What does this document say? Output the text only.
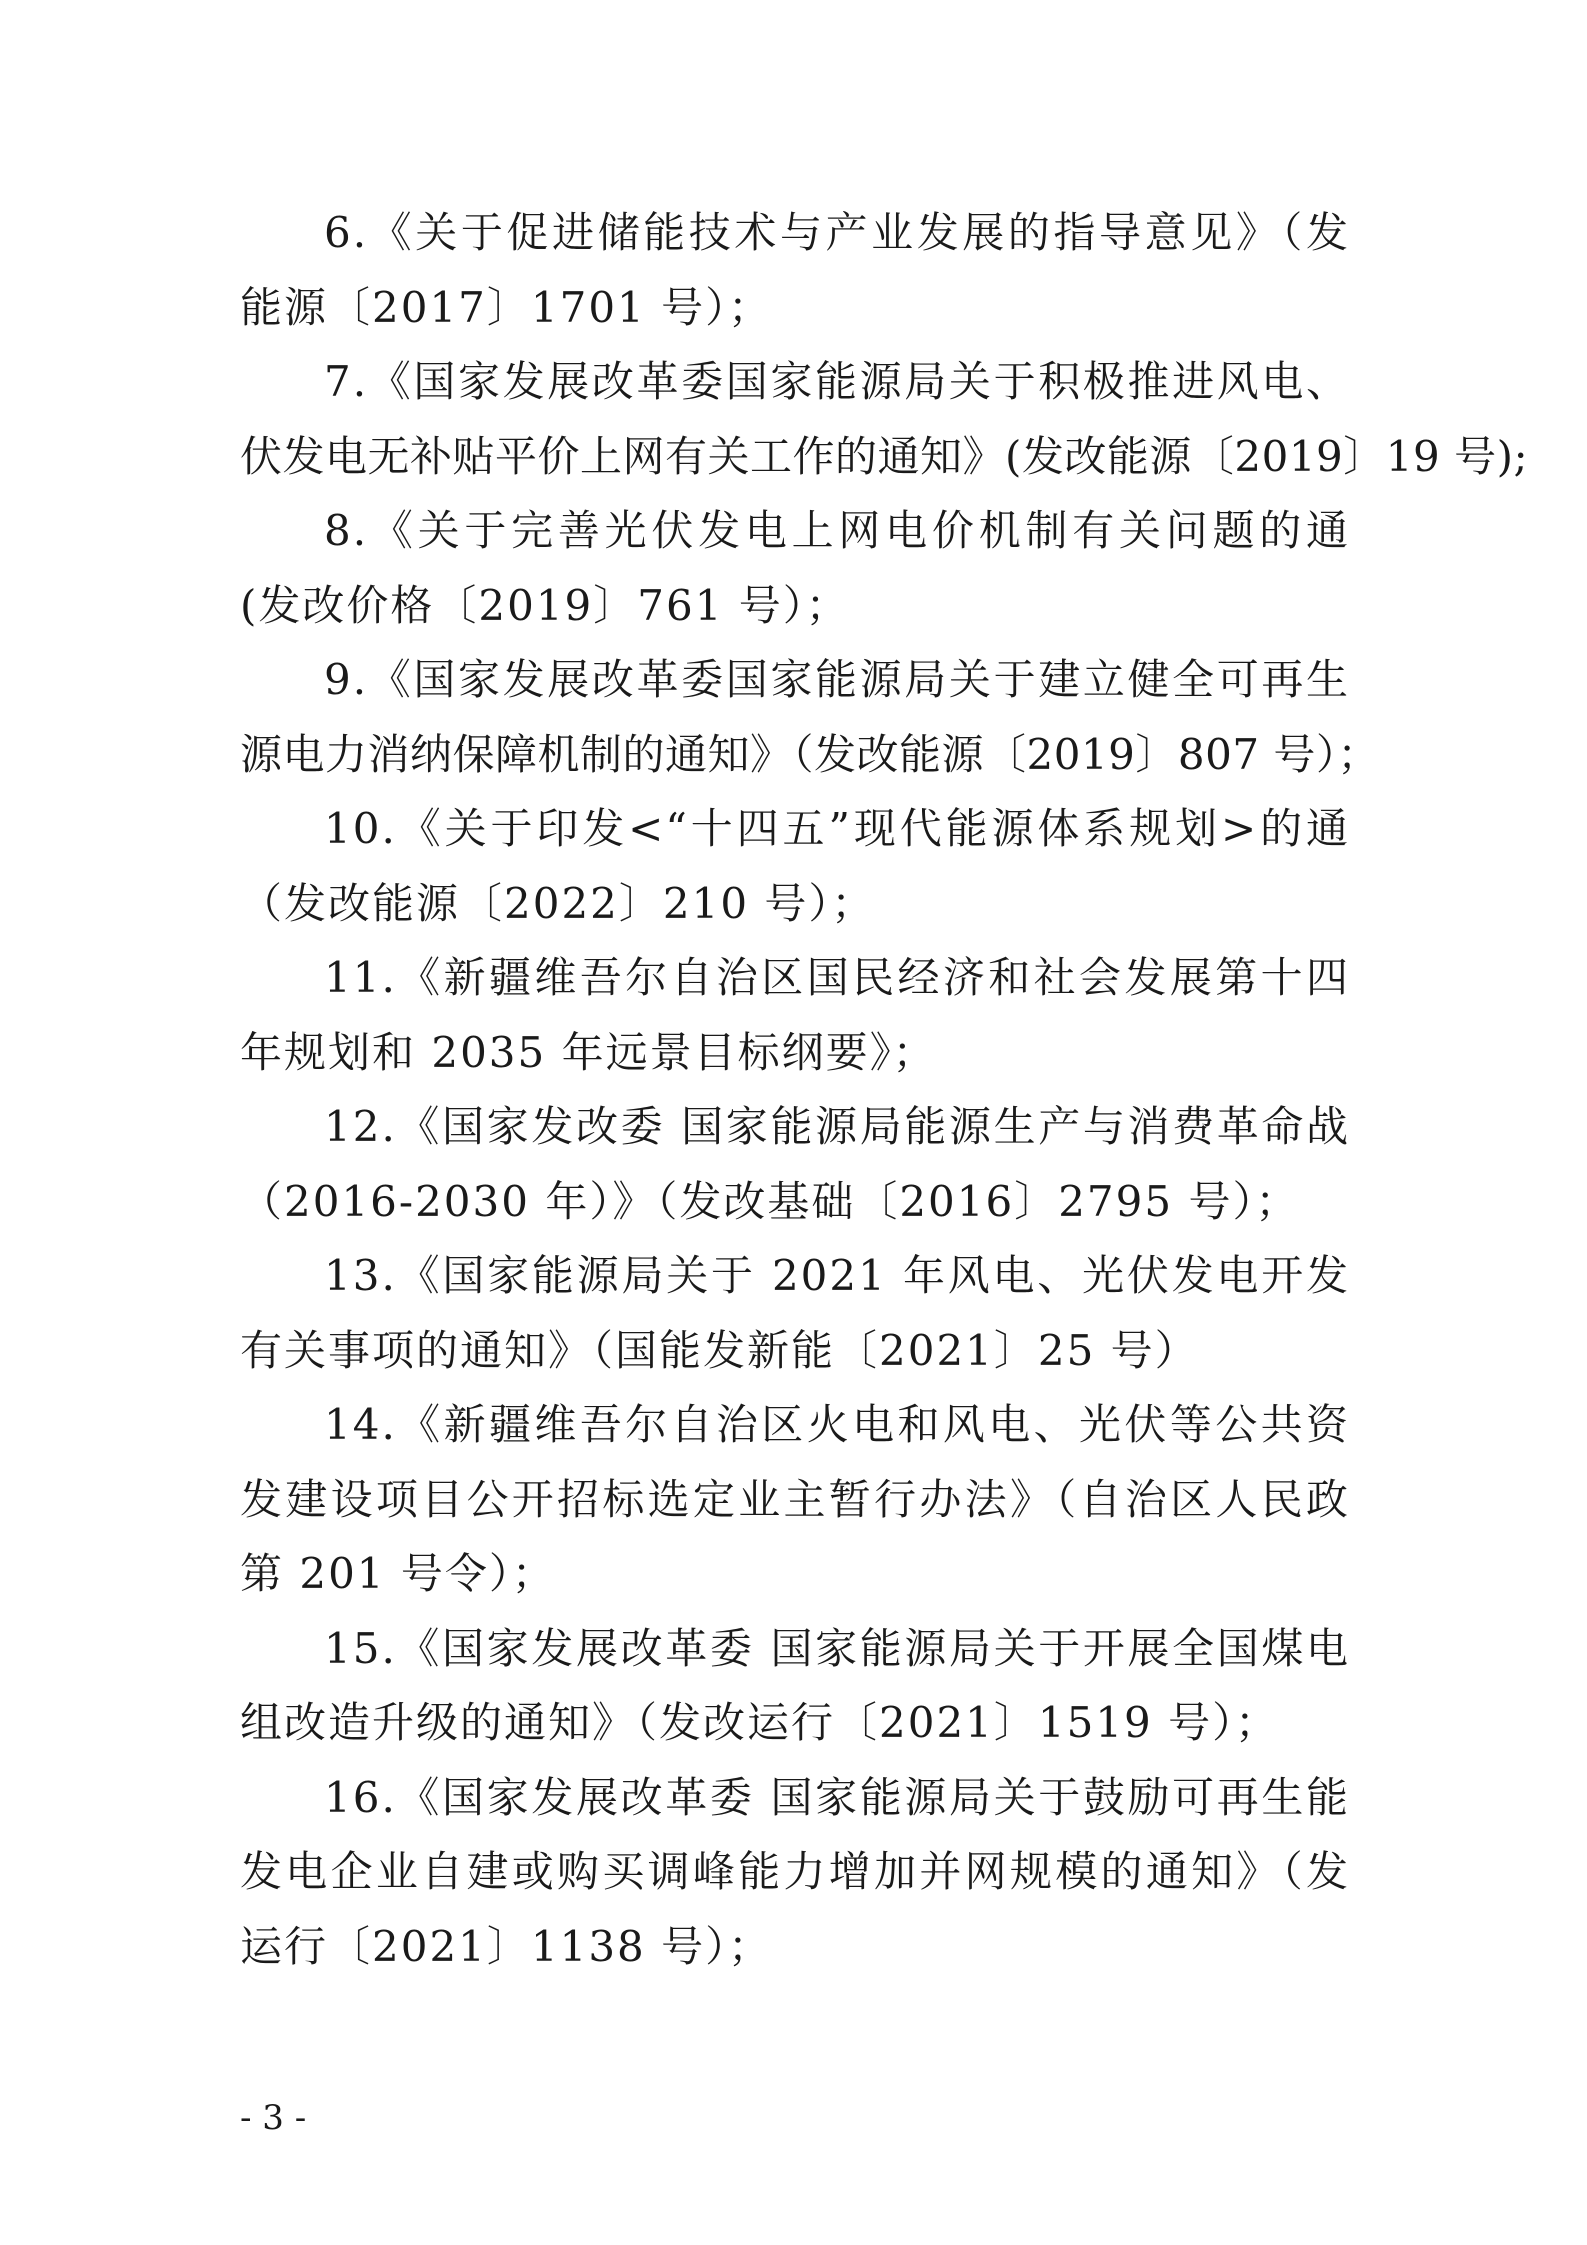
6.《关于促进储能技术与产业发展的指导意见》（发
能源〔2017〕1701 号）；
7.《国家发展改革委国家能源局关于积极推进风电、
伏发电无补贴平价上网有关工作的通知》(发改能源〔2019〕19 号);
8.《关于完善光伏发电上网电价机制有关问题的通
(发改价格〔2019〕761 号）；
9.《国家发展改革委国家能源局关于建立健全可再生
源电力消纳保障机制的通知》（发改能源〔2019〕807 号）；
10.《关于印发<“十四五”现代能源体系规划>的通
（发改能源〔2022〕210 号）；
11.《新疆维吾尔自治区国民经济和社会发展第十四
年规划和 2035 年远景目标纲要》；
12.《国家发改委 国家能源局能源生产与消费革命战
（2016-2030 年）》（发改基础〔2016〕2795 号）；
13.《国家能源局关于 2021 年风电、光伏发电开发
有关事项的通知》（国能发新能〔2021〕25 号）
14.《新疆维吾尔自治区火电和风电、光伏等公共资
发建设项目公开招标选定业主暂行办法》（自治区人民政
第 201 号令）；
15.《国家发展改革委 国家能源局关于开展全国煤电
组改造升级的通知》（发改运行〔2021〕1519 号）；
16.《国家发展改革委 国家能源局关于鼓励可再生能
发电企业自建或购买调峰能力增加并网规模的通知》（发
运行〔2021〕1138 号）；
- 3 -
